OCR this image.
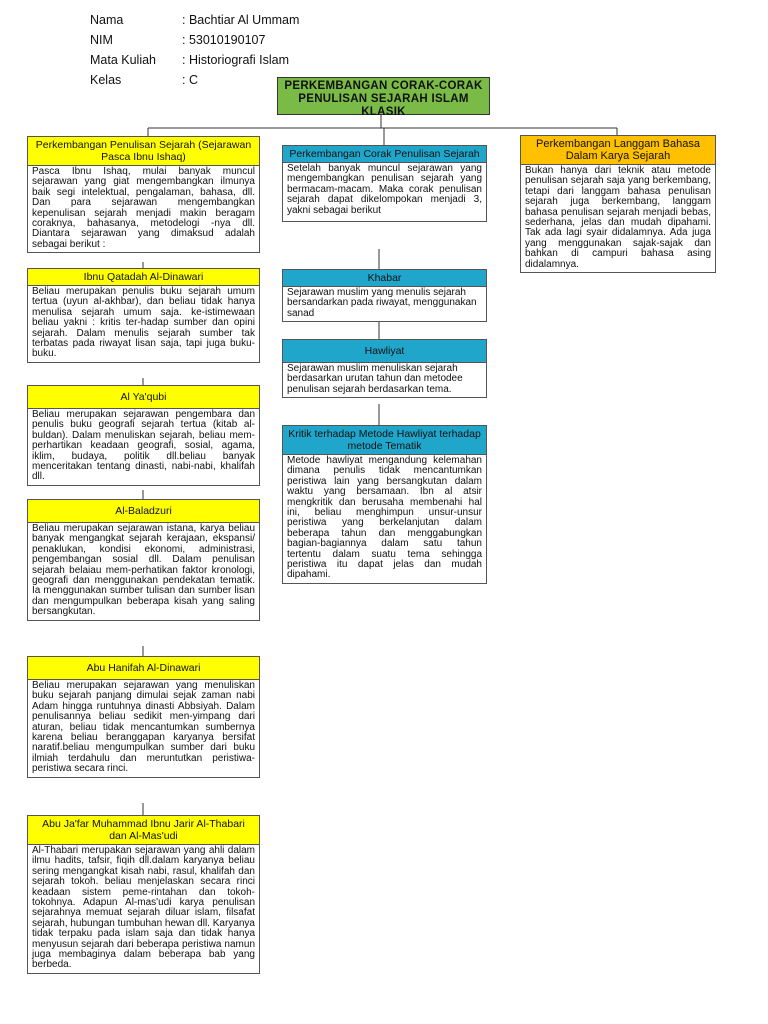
Nama	: Bachtiar Al Ummam
NIM	: 53010190107
Mata Kuliah	: Historiografi Islam
Kelas	: C	PERKEMBANGAN CORAK-CORAK PENULISAN SEJARAH ISLAM KLASIK
Perkembangan Penulisan Sejarah (Sejarawan Pasca Ibnu Ishaq)
Pasca Ibnu Ishaq, mulai banyak muncul sejarawan yang giat mengembangkan ilmunya baik segi intelektual, pengalaman, bahasa, dll. Dan para sejarawan mengembangkan kepenulisan sejarah menjadi makin beragam coraknya, bahasanya, metodelogi -nya dll. Diantara sejarawan yang dimaksud adalah sebagai berikut :
Ibnu Qatadah Al-Dinawari
Beliau merupakan penulis buku sejarah umum tertua (uyun al-akhbar), dan beliau tidak hanya menulisa sejarah umum saja. ke-istimewaan beliau yakni : kritis ter-hadap sumber dan opini sejarah. Dalam menulis sejarah sumber tak terbatas pada riwayat lisan saja, tapi juga buku-buku.
Al Ya'qubi
Beliau merupakan sejarawan pengembara dan penulis buku geografi sejarah tertua (kitab al-buldan). Dalam menuliskan sejarah, beliau mem-perhartikan keadaan geografi, sosial, agama, iklim, budaya, politik dll.beliau banyak menceritakan tentang dinasti, nabi-nabi, khalifah dll.
Al-Baladzuri
Beliau merupakan sejarawan istana, karya beliau banyak mengangkat sejarah kerajaan, ekspansi/ penaklukan, kondisi ekonomi, administrasi, pengembangan sosial dll. Dalam penulisan sejarah belaiau mem-perhatikan faktor kronologi, geografi dan menggunakan pendekatan tematik. Ia menggunakan sumber tulisan dan sumber lisan dan mengumpulkan beberapa kisah yang saling bersangkutan.
Abu Hanifah Al-Dinawari
Beliau merupakan sejarawan yang menuliskan buku sejarah panjang dimulai sejak zaman nabi Adam hingga runtuhnya dinasti Abbsiyah. Dalam penulisannya beliau sedikit men-yimpang dari aturan, beliau tidak mencantumkan sumbernya karena beliau beranggapan karyanya bersifat naratif.beliau mengumpulkan sumber dari buku ilmiah terdahulu dan meruntutkan peristiwa-peristiwa secara rinci.
Abu Ja'far Muhammad Ibnu Jarir Al-Thabari dan Al-Mas'udi
Al-Thabari merupakan sejarawan yang ahli dalam ilmu hadits, tafsir, fiqih dll.dalam karyanya beliau sering mengangkat kisah nabi, rasul, khalifah dan sejarah tokoh. beliau menjelaskan secara rinci keadaan sistem peme-rintahan dan tokoh-tokohnya. Adapun Al-mas'udi karya penulisan sejarahnya memuat sejarah diluar islam, filsafat sejarah, hubungan tumbuhan hewan dll. Karyanya tidak terpaku pada islam saja dan tidak hanya menyusun sejarah dari beberapa peristiwa namun juga membaginya dalam beberapa bab yang berbeda.
Perkembangan Corak Penulisan Sejarah
Setelah banyak muncul sejarawan yang mengembangkan penulisan sejarah yang bermacam-macam. Maka corak penulisan sejarah dapat dikelompokan menjadi 3, yakni sebagai berikut
Khabar
Sejarawan muslim yang menulis sejarah bersandarkan pada riwayat, menggunakan sanad
Hawliyat
Sejarawan muslim menuliskan sejarah berdasarkan urutan tahun dan metodee penulisan sejarah berdasarkan tema.
Kritik terhadap Metode Hawliyat terhadap metode Tematik
Metode hawliyat mengandung kelemahan dimana penulis tidak mencantumkan peristiwa lain yang bersangkutan dalam waktu yang bersamaan. Ibn al atsir mengkritik dan berusaha membenahi hal ini, beliau menghimpun unsur-unsur peristiwa yang berkelanjutan dalam beberapa tahun dan menggabungkan bagian-bagiannya dalam satu tahun tertentu dalam suatu tema sehingga peristiwa itu dapat jelas dan mudah dipahami.
Perkembangan Langgam Bahasa Dalam Karya Sejarah
Bukan hanya dari teknik atau metode penulisan sejarah saja yang berkembang, tetapi dari langgam bahasa penulisan sejarah juga berkembang, langgam bahasa penulisan sejarah menjadi bebas, sederhana, jelas dan mudah dipahami. Tak ada lagi syair didalamnya. Ada juga yang menggunakan sajak-sajak dan bahkan di campuri bahasa asing didalamnya.
